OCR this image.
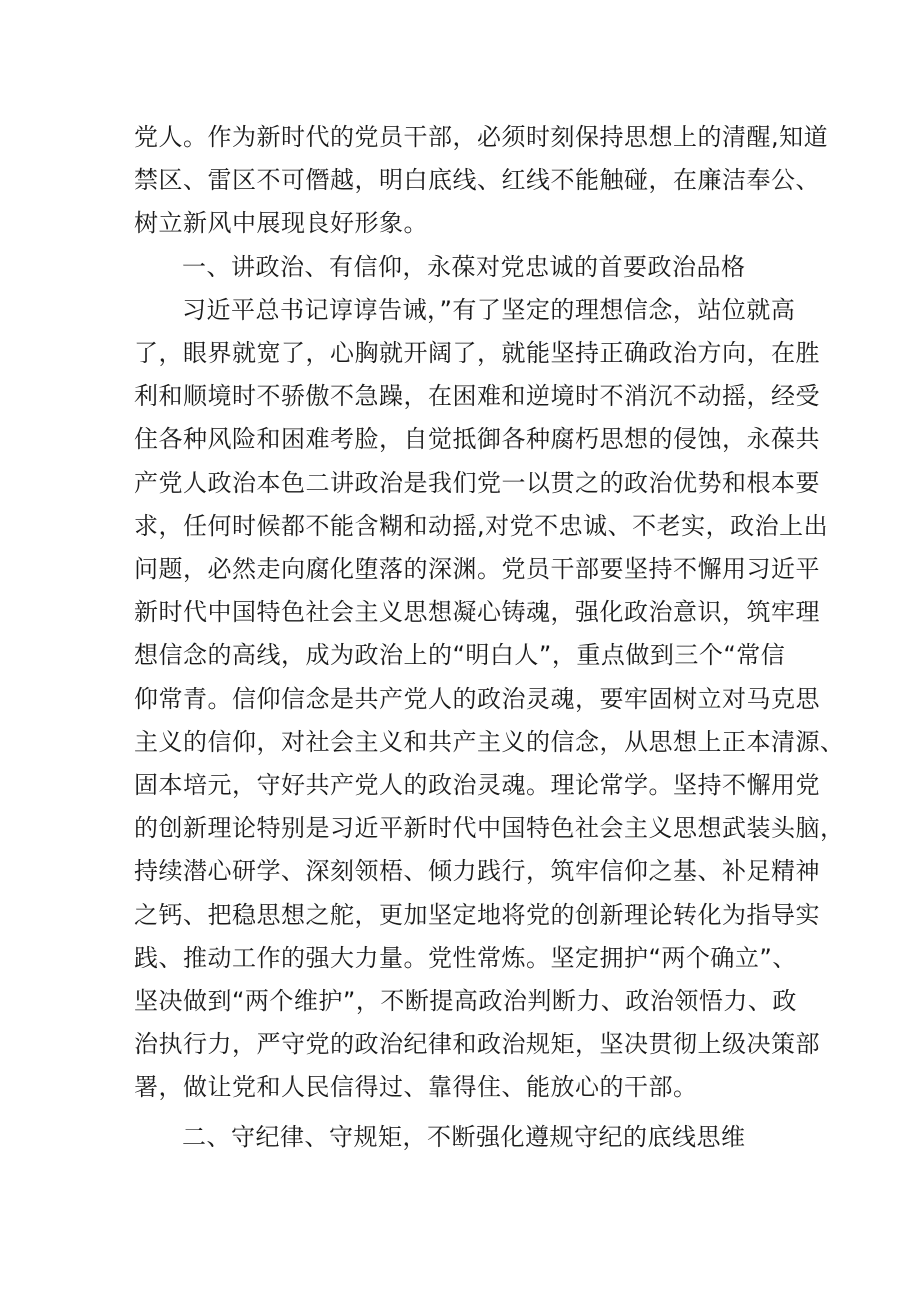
党人。作为新时代的党员干部，必须时刻保持思想上的清醒,知道
禁区、雷区不可僭越，明白底线、红线不能触碰，在廉洁奉公、
树立新风中展现良好形象。
一、讲政治、有信仰，永葆对党忠诚的首要政治品格
习近平总书记谆谆告诫，”有了坚定的理想信念，站位就高
了，眼界就宽了，心胸就开阔了，就能坚持正确政治方向，在胜
利和顺境时不骄傲不急躁，在困难和逆境时不消沉不动摇，经受
住各种风险和困难考脸，自觉抵御各种腐朽思想的侵蚀，永葆共
产党人政治本色二讲政治是我们党一以贯之的政治优势和根本要
求，任何时候都不能含糊和动摇,对党不忠诚、不老实，政治上出
问题，必然走向腐化堕落的深渊。党员干部要坚持不懈用习近平
新时代中国特色社会主义思想凝心铸魂，强化政治意识，筑牢理
想信念的高线，成为政治上的“明白人”，重点做到三个“常信
仰常青。信仰信念是共产党人的政治灵魂，要牢固树立对马克思
主义的信仰，对社会主义和共产主义的信念，从思想上正本清源、
固本培元，守好共产党人的政治灵魂。理论常学。坚持不懈用党
的创新理论特别是习近平新时代中国特色社会主义思想武装头脑，
持续潜心研学、深刻领梧、倾力践行，筑牢信仰之基、补足精神
之钙、把稳思想之舵，更加坚定地将党的创新理论转化为指导实
践、推动工作的强大力量。党性常炼。坚定拥护“两个确立”、
坚决做到“两个维护”，不断提高政治判断力、政治领悟力、政
治执行力，严守党的政治纪律和政治规矩，坚决贯彻上级决策部
署，做让党和人民信得过、靠得住、能放心的干部。
二、守纪律、守规矩，不断强化遵规守纪的底线思维
